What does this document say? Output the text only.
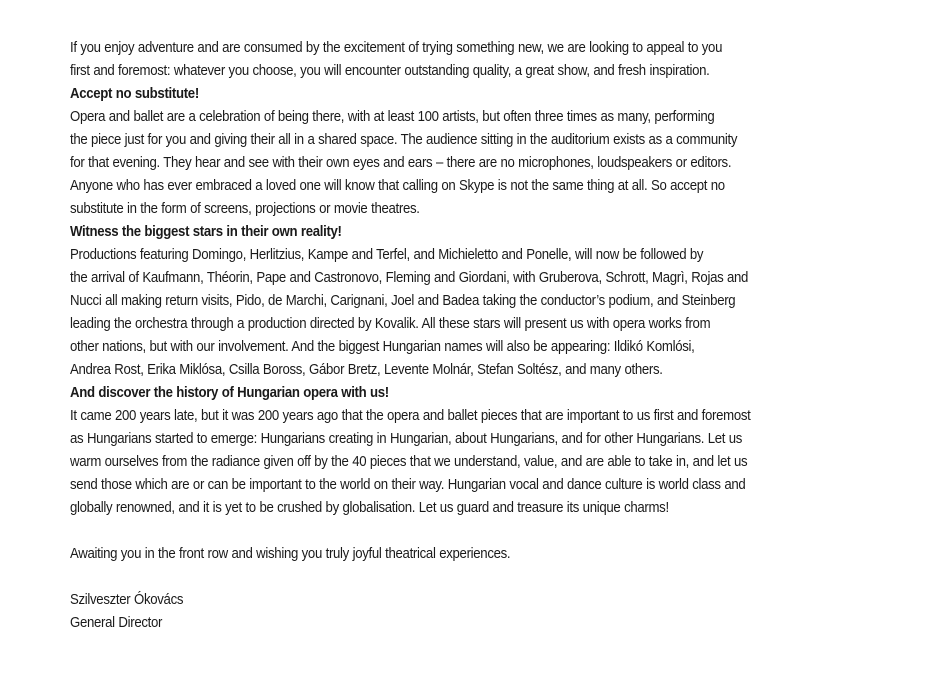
If you enjoy adventure and are consumed by the excitement of trying something new, we are looking to appeal to you
first and foremost: whatever you choose, you will encounter outstanding quality, a great show, and fresh inspiration.
Accept no substitute!
Opera and ballet are a celebration of being there, with at least 100 artists, but often three times as many, performing
the piece just for you and giving their all in a shared space. The audience sitting in the auditorium exists as a community
for that evening. They hear and see with their own eyes and ears – there are no microphones, loudspeakers or editors.
Anyone who has ever embraced a loved one will know that calling on Skype is not the same thing at all. So accept no
substitute in the form of screens, projections or movie theatres.
Witness the biggest stars in their own reality!
Productions featuring Domingo, Herlitzius, Kampe and Terfel, and Michieletto and Ponelle, will now be followed by
the arrival of Kaufmann, Théorin, Pape and Castronovo, Fleming and Giordani, with Gruberova, Schrott, Magrì, Rojas and
Nucci all making return visits, Pido, de Marchi, Carignani, Joel and Badea taking the conductor’s podium, and Steinberg
leading the orchestra through a production directed by Kovalik. All these stars will present us with opera works from
other nations, but with our involvement. And the biggest Hungarian names will also be appearing: Ildikó Komlósi,
Andrea Rost, Erika Miklósa, Csilla Boross, Gábor Bretz, Levente Molnár, Stefan Soltész, and many others.
And discover the history of Hungarian opera with us!
It came 200 years late, but it was 200 years ago that the opera and ballet pieces that are important to us first and foremost
as Hungarians started to emerge: Hungarians creating in Hungarian, about Hungarians, and for other Hungarians. Let us
warm ourselves from the radiance given off by the 40 pieces that we understand, value, and are able to take in, and let us
send those which are or can be important to the world on their way. Hungarian vocal and dance culture is world class and
globally renowned, and it is yet to be crushed by globalisation. Let us guard and treasure its unique charms!
Awaiting you in the front row and wishing you truly joyful theatrical experiences.
Szilveszter Ókovács
General Director
